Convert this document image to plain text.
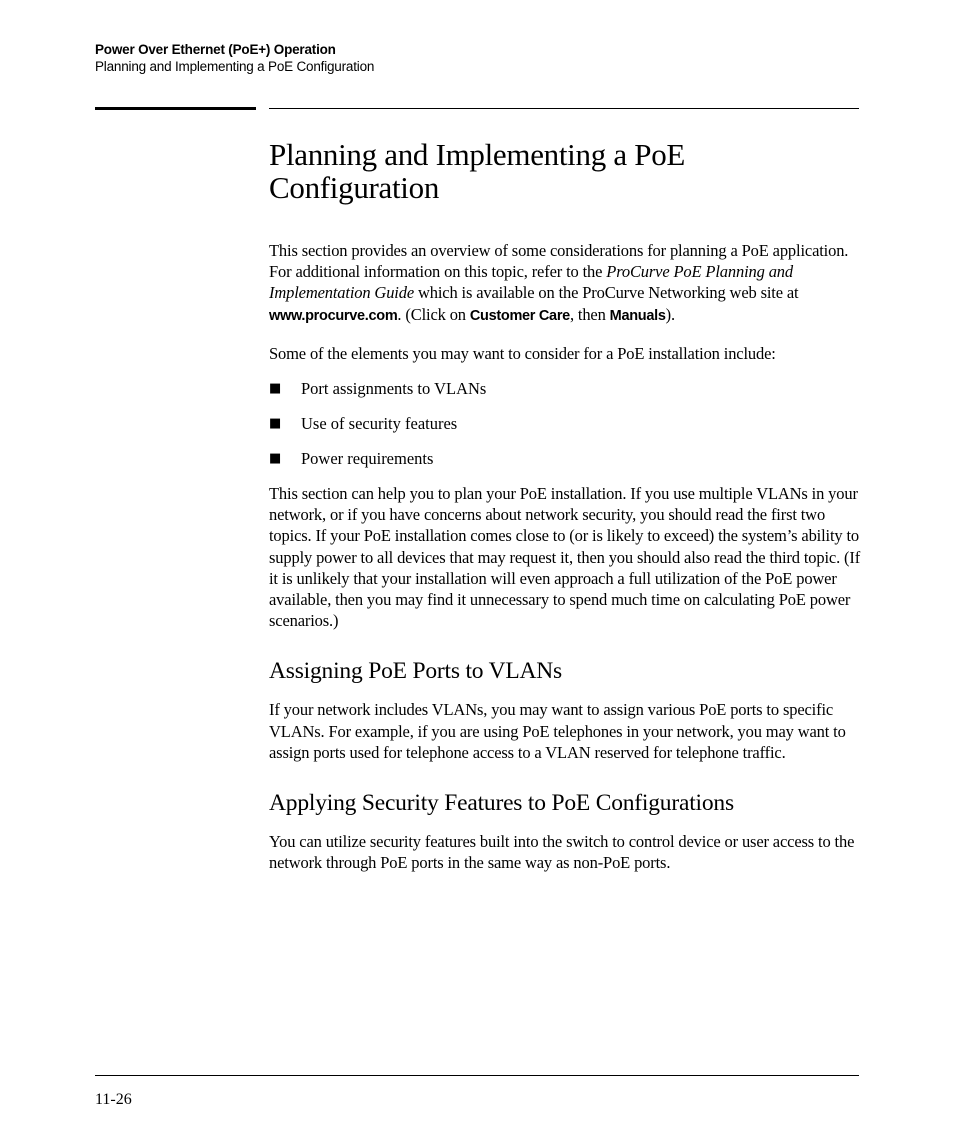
Power Over Ethernet (PoE+) Operation
Planning and Implementing a PoE Configuration
Planning and Implementing a PoE Configuration

This section provides an overview of some considerations for planning a PoE application. For additional information on this topic, refer to the ProCurve PoE Planning and Implementation Guide which is available on the ProCurve Networking web site at www.procurve.com. (Click on Customer Care, then Manuals).

Some of the elements you may want to consider for a PoE installation include:

■ Port assignments to VLANs
■ Use of security features
■ Power requirements

This section can help you to plan your PoE installation. If you use multiple VLANs in your network, or if you have concerns about network security, you should read the first two topics. If your PoE installation comes close to (or is likely to exceed) the system’s ability to supply power to all devices that may request it, then you should also read the third topic. (If it is unlikely that your installation will even approach a full utilization of the PoE power available, then you may find it unnecessary to spend much time on calculating PoE power scenarios.)

Assigning PoE Ports to VLANs

If your network includes VLANs, you may want to assign various PoE ports to specific VLANs. For example, if you are using PoE telephones in your network, you may want to assign ports used for telephone access to a VLAN reserved for telephone traffic.

Applying Security Features to PoE Configurations

You can utilize security features built into the switch to control device or user access to the network through PoE ports in the same way as non-PoE ports.

11-26
